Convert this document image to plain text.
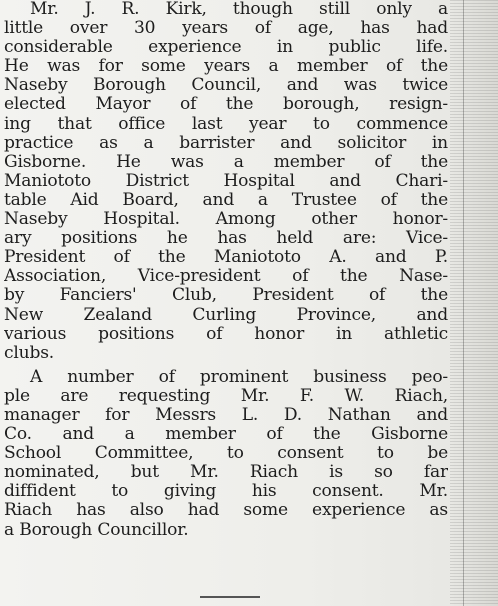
Mr. J. R. Kirk, though still only a
little over 30 years of age, has had
considerable experience in public life.
He was for some years a member of the
Naseby Borough Council, and was twice
elected Mayor of the borough, resign-
ing that office last year to commence
practice as a barrister and solicitor in
Gisborne. He was a member of the
Maniototo District Hospital and Chari-
table Aid Board, and a Trustee of the
Naseby Hospital. Among other honor-
ary positions he has held are: Vice-
President of the Maniototo A. and P.
Association, Vice-president of the Nase-
by Fanciers' Club, President of the
New Zealand Curling Province, and
various positions of honor in athletic
clubs.
A number of prominent business peo-
ple are requesting Mr. F. W. Riach,
manager for Messrs L. D. Nathan and
Co. and a member of the Gisborne
School Committee, to consent to be
nominated, but Mr. Riach is so far
diffident to giving his consent. Mr.
Riach has also had some experience as
a Borough Councillor.
